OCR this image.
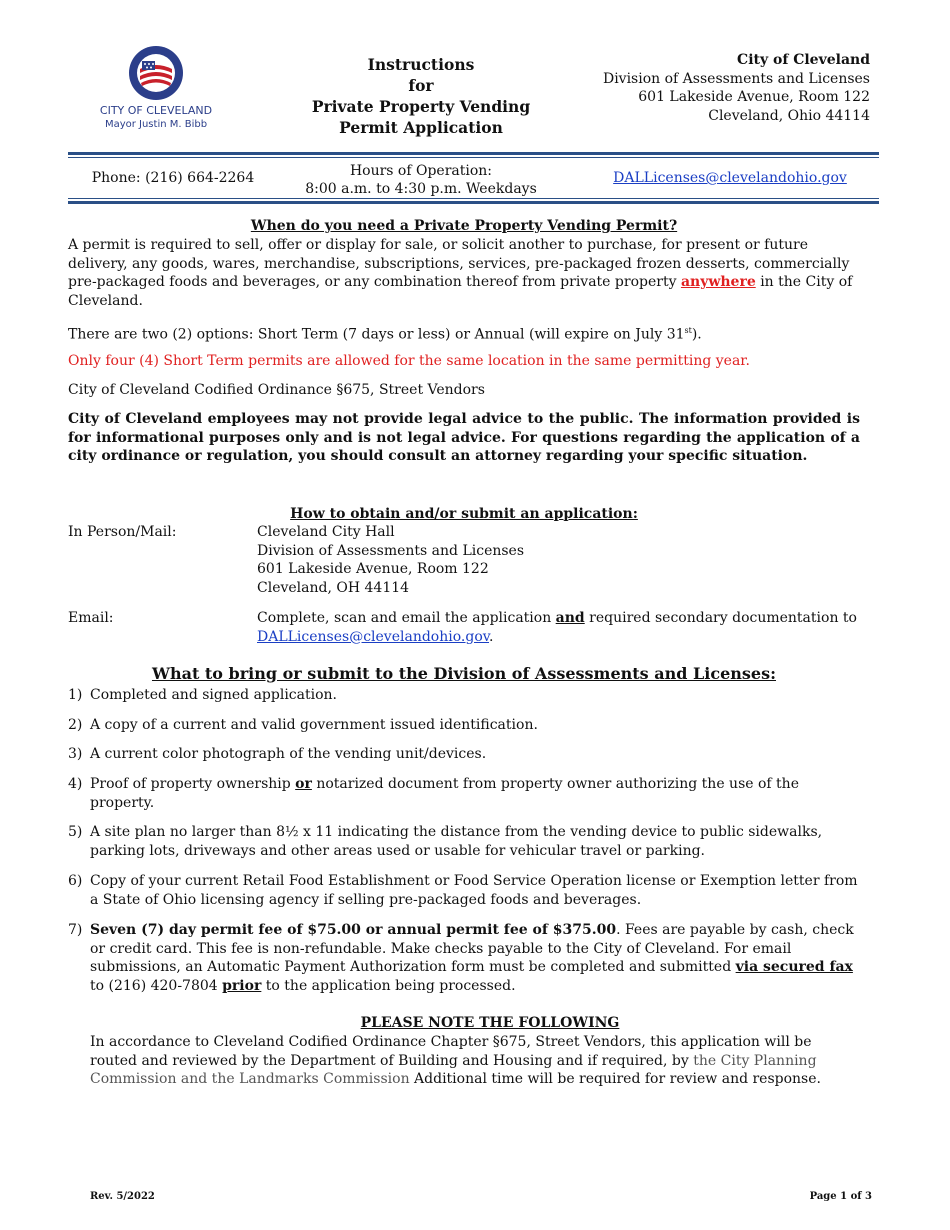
CITY OF CLEVELAND
Mayor Justin M. Bibb
Instructions
for
Private Property Vending
Permit Application
City of Cleveland
Division of Assessments and Licenses
601 Lakeside Avenue, Room 122
Cleveland, Ohio 44114
Phone: (216) 664-2264	Hours of Operation:
8:00 a.m. to 4:30 p.m. Weekdays
DALLicenses@clevelandohio.gov
When do you need a Private Property Vending Permit?
A permit is required to sell, offer or display for sale, or solicit another to purchase, for present or future delivery, any goods, wares, merchandise, subscriptions, services, pre-packaged frozen desserts, commercially pre-packaged foods and beverages, or any combination thereof from private property anywhere in the City of Cleveland.
There are two (2) options: Short Term (7 days or less) or Annual (will expire on July 31st).
Only four (4) Short Term permits are allowed for the same location in the same permitting year.
City of Cleveland Codified Ordinance §675, Street Vendors
City of Cleveland employees may not provide legal advice to the public. The information provided is for informational purposes only and is not legal advice. For questions regarding the application of a city ordinance or regulation, you should consult an attorney regarding your specific situation.
How to obtain and/or submit an application:
In Person/Mail:	Cleveland City Hall
Division of Assessments and Licenses
601 Lakeside Avenue, Room 122
Cleveland, OH 44114
Email:	Complete, scan and email the application and required secondary documentation to
DALLicenses@clevelandohio.gov.
What to bring or submit to the Division of Assessments and Licenses:
1) Completed and signed application.
2) A copy of a current and valid government issued identification.
3) A current color photograph of the vending unit/devices.
4) Proof of property ownership or notarized document from property owner authorizing the use of the property.
5) A site plan no larger than 8½ x 11 indicating the distance from the vending device to public sidewalks, parking lots, driveways and other areas used or usable for vehicular travel or parking.
6) Copy of your current Retail Food Establishment or Food Service Operation license or Exemption letter from a State of Ohio licensing agency if selling pre-packaged foods and beverages.
7) Seven (7) day permit fee of $75.00 or annual permit fee of $375.00. Fees are payable by cash, check or credit card. This fee is non-refundable. Make checks payable to the City of Cleveland. For email submissions, an Automatic Payment Authorization form must be completed and submitted via secured fax to (216) 420-7804 prior to the application being processed.
PLEASE NOTE THE FOLLOWING
In accordance to Cleveland Codified Ordinance Chapter §675, Street Vendors, this application will be routed and reviewed by the Department of Building and Housing and if required, by the City Planning Commission and the Landmarks Commission Additional time will be required for review and response.
Rev. 5/2022	Page 1 of 3
